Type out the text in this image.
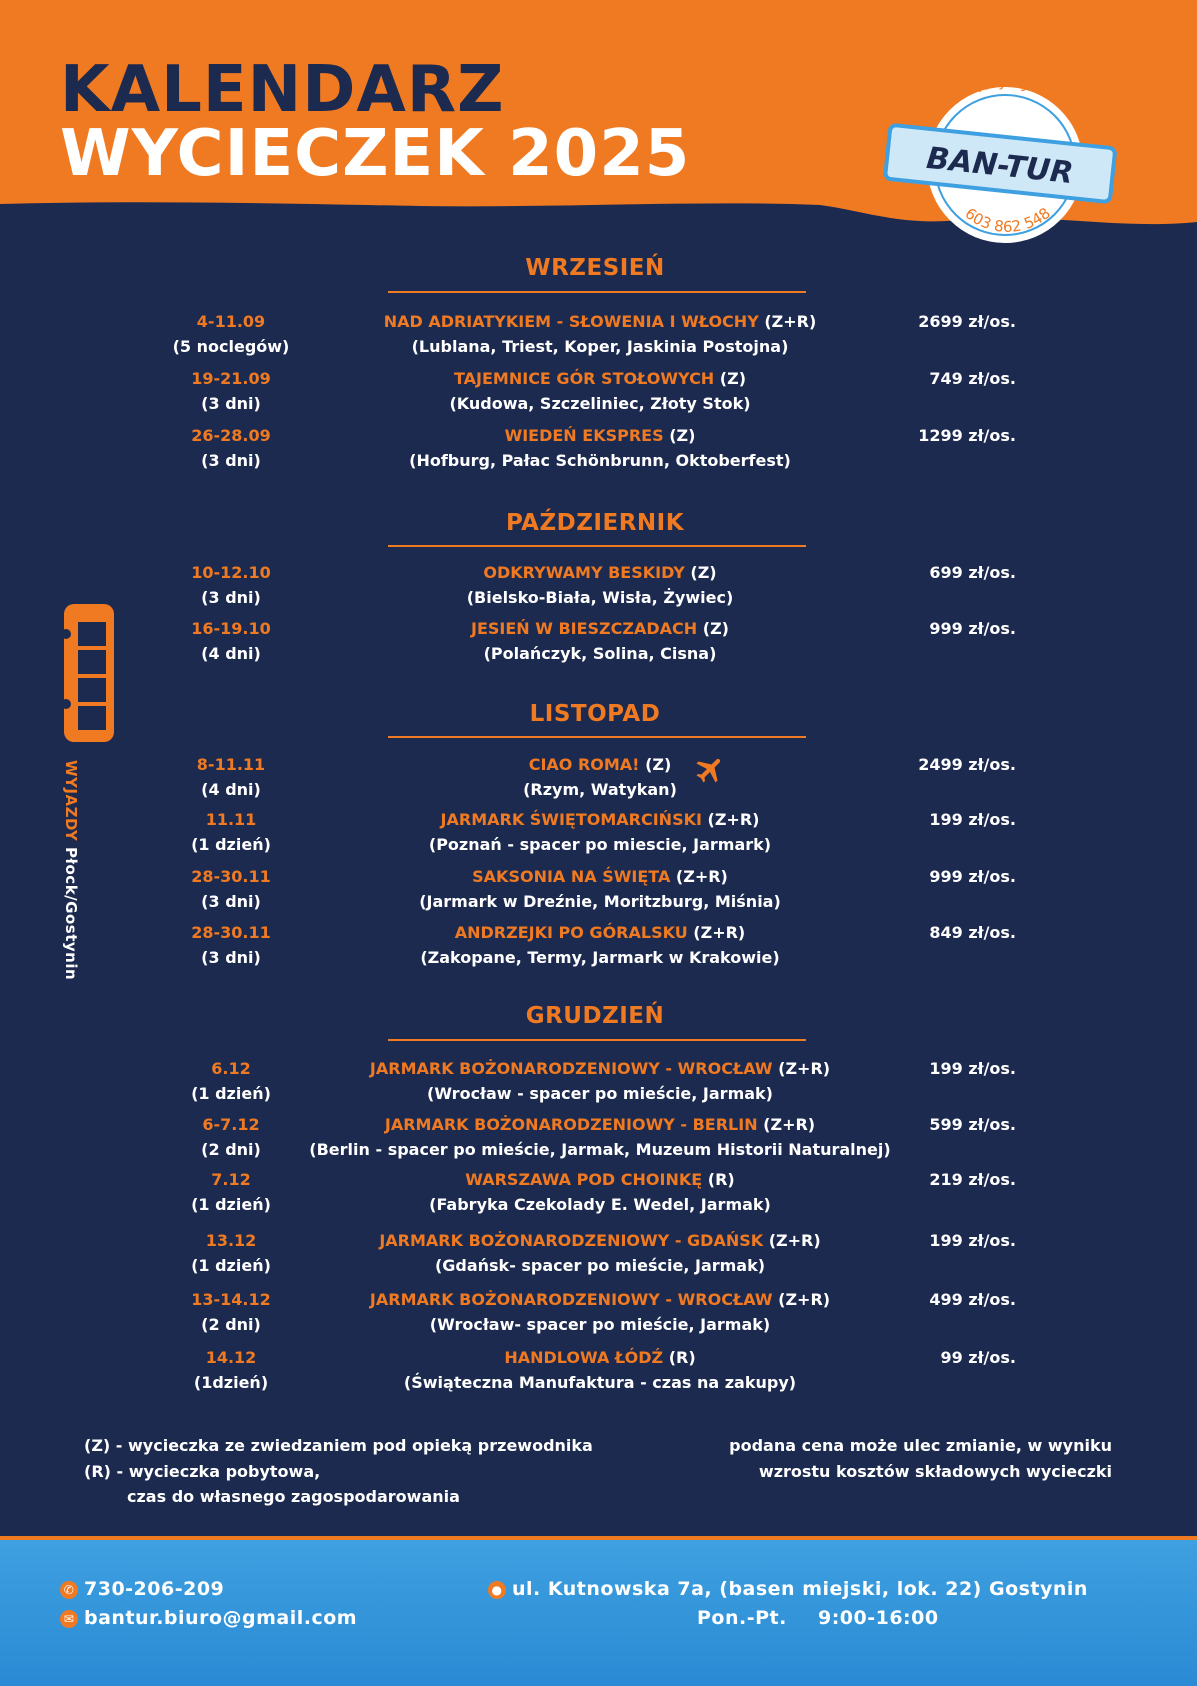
KALENDARZ
WYCIECZEK 2025
Turystyka
603 862 548
BAN-TUR
WYJAZDY Płock/Gostynin
WRZESIEŃ
4-11.09
(5 noclegów)
NAD ADRIATYKIEM - SŁOWENIA I WŁOCHY (Z+R)
(Lublana, Triest, Koper, Jaskinia Postojna)
2699 zł/os.
19-21.09
(3 dni)
TAJEMNICE GÓR STOŁOWYCH (Z)
(Kudowa, Szczeliniec, Złoty Stok)
749 zł/os.
26-28.09
(3 dni)
WIEDEŃ EKSPRES (Z)
(Hofburg, Pałac Schönbrunn, Oktoberfest)
1299 zł/os.
PAŹDZIERNIK
10-12.10
(3 dni)
ODKRYWAMY BESKIDY (Z)
(Bielsko-Biała, Wisła, Żywiec)
699 zł/os.
16-19.10
(4 dni)
JESIEŃ W BIESZCZADACH (Z)
(Polańczyk, Solina, Cisna)
999 zł/os.
LISTOPAD
8-11.11
(4 dni)
CIAO ROMA! (Z)
(Rzym, Watykan)
2499 zł/os.
11.11
(1 dzień)
JARMARK ŚWIĘTOMARCIŃSKI (Z+R)
(Poznań - spacer po miescie, Jarmark)
199 zł/os.
28-30.11
(3 dni)
SAKSONIA NA ŚWIĘTA (Z+R)
(Jarmark w Dreźnie, Moritzburg, Miśnia)
999 zł/os.
28-30.11
(3 dni)
ANDRZEJKI PO GÓRALSKU (Z+R)
(Zakopane, Termy, Jarmark w Krakowie)
849 zł/os.
GRUDZIEŃ
6.12
(1 dzień)
JARMARK BOŻONARODZENIOWY - WROCŁAW (Z+R)
(Wrocław - spacer po mieście, Jarmak)
199 zł/os.
6-7.12
(2 dni)
JARMARK BOŻONARODZENIOWY - BERLIN (Z+R)
(Berlin - spacer po mieście, Jarmak, Muzeum Historii Naturalnej)
599 zł/os.
7.12
(1 dzień)
WARSZAWA POD CHOINKĘ (R)
(Fabryka Czekolady E. Wedel, Jarmak)
219 zł/os.
13.12
(1 dzień)
JARMARK BOŻONARODZENIOWY - GDAŃSK (Z+R)
(Gdańsk- spacer po mieście, Jarmak)
199 zł/os.
13-14.12
(2 dni)
JARMARK BOŻONARODZENIOWY - WROCŁAW (Z+R)
(Wrocław- spacer po mieście, Jarmak)
499 zł/os.
14.12
(1dzień)
HANDLOWA ŁÓDŹ (R)
(Świąteczna Manufaktura - czas na zakupy)
99 zł/os.
(Z) - wycieczka ze zwiedzaniem pod opieką przewodnika
(R) - wycieczka pobytowa,
czas do własnego zagospodarowania
podana cena może ulec zmianie, w wyniku
wzrostu kosztów składowych wycieczki
✆ 730-206-209
✉ bantur.biuro@gmail.com
● ul. Kutnowska 7a, (basen miejski, lok. 22) Gostynin
Pon.-Pt. 9:00-16:00
